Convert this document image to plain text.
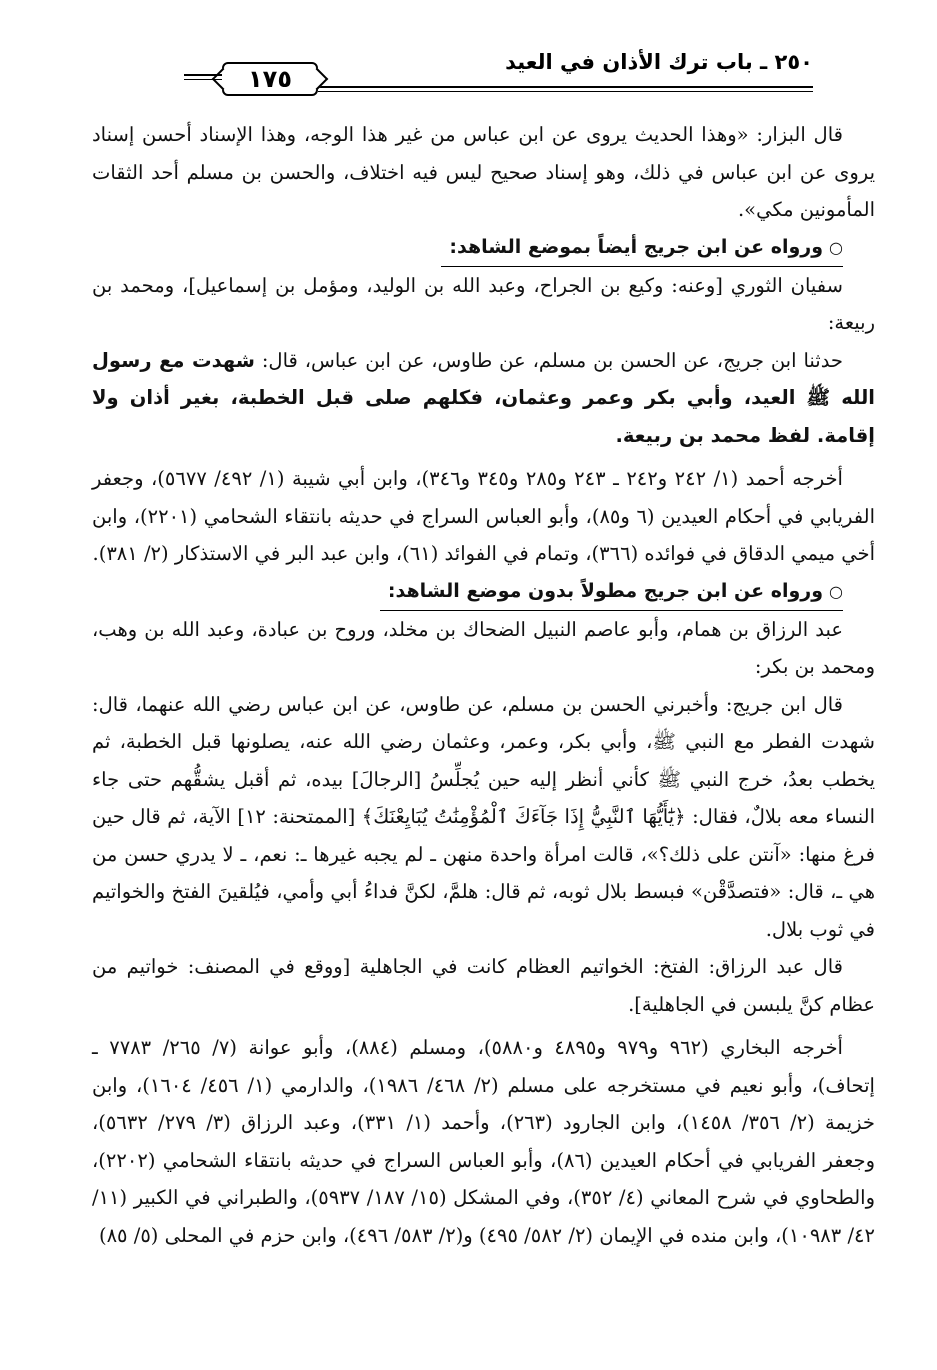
٢٥٠ ـ باب ترك الأذان في العيد
١٧٥

قال البزار: «وهذا الحديث يروى عن ابن عباس من غير هذا الوجه، وهذا الإسناد أحسن إسناد يروى عن ابن عباس في ذلك، وهو إسناد صحيح ليس فيه اختلاف، والحسن بن مسلم أحد الثقات المأمونين مكي».

○ورواه عن ابن جريج أيضاً بموضع الشاهد:

سفيان الثوري [وعنه: وكيع بن الجراح، وعبد الله بن الوليد، ومؤمل بن إسماعيل]، ومحمد بن ربيعة:

حدثنا ابن جريج، عن الحسن بن مسلم، عن طاوس، عن ابن عباس، قال: شهدت مع رسول الله ﷺ العيد، وأبي بكر وعمر وعثمان، فكلهم صلى قبل الخطبة، بغير أذان ولا إقامة. لفظ محمد بن ربيعة.

أخرجه أحمد (١/ ٢٤٢ و٢٤٢ ـ ٢٤٣ و٢٨٥ و٣٤٥ و٣٤٦)، وابن أبي شيبة (١/ ٤٩٢/ ٥٦٧٧)، وجعفر الفريابي في أحكام العيدين (٦ و٨٥)، وأبو العباس السراج في حديثه بانتقاء الشحامي (٢٢٠١)، وابن أخي ميمي الدقاق في فوائده (٣٦٦)، وتمام في الفوائد (٦١)، وابن عبد البر في الاستذكار (٢/ ٣٨١).

○ورواه عن ابن جريج مطولاً بدون موضع الشاهد:

عبد الرزاق بن همام، وأبو عاصم النبيل الضحاك بن مخلد، وروح بن عبادة، وعبد الله بن وهب، ومحمد بن بكر:

قال ابن جريج: وأخبرني الحسن بن مسلم، عن طاوس، عن ابن عباس رضي الله عنهما، قال: شهدت الفطر مع النبي ﷺ، وأبي بكر، وعمر، وعثمان رضي الله عنه، يصلونها قبل الخطبة، ثم يخطب بعدُ، خرج النبي ﷺ كأني أنظر إليه حين يُجلِّسُ [الرجالَ] بيده، ثم أقبل يشقُّهم حتى جاء النساء معه بلالٌ، فقال: ﴿يَٰٓأَيُّهَا ٱلنَّبِيُّ إِذَا جَآءَكَ ٱلْمُؤْمِنَٰتُ يُبَايِعْنَكَ﴾ [الممتحنة: ١٢] الآية، ثم قال حين فرغ منها: «آنتن على ذلك؟»، قالت امرأة واحدة منهن ـ لم يجبه غيرها ـ: نعم، ـ لا يدري حسن من هي ـ، قال: «فتصدَّقْن» فبسط بلال ثوبه، ثم قال: هلمَّ، لكنَّ فداءُ أبي وأمي، فيُلقينَ الفتخ والخواتيم في ثوب بلال.

قال عبد الرزاق: الفتخ: الخواتيم العظام كانت في الجاهلية [ووقع في المصنف: خواتيم من عظام كنَّ يلبسن في الجاهلية].

أخرجه البخاري (٩٦٢ و٩٧٩ و٤٨٩٥ و٥٨٨٠)، ومسلم (٨٨٤)، وأبو عوانة (٧/ ٢٦٥/ ٧٧٨٣ ـ إتحاف)، وأبو نعيم في مستخرجه على مسلم (٢/ ٤٦٨/ ١٩٨٦)، والدارمي (١/ ٤٥٦/ ١٦٠٤)، وابن خزيمة (٢/ ٣٥٦/ ١٤٥٨)، وابن الجارود (٢٦٣)، وأحمد (١/ ٣٣١)، وعبد الرزاق (٣/ ٢٧٩/ ٥٦٣٢)، وجعفر الفريابي في أحكام العيدين (٨٦)، وأبو العباس السراج في حديثه بانتقاء الشحامي (٢٢٠٢)، والطحاوي في شرح المعاني (٤/ ٣٥٢)، وفي المشكل (١٥/ ١٨٧/ ٥٩٣٧)، والطبراني في الكبير (١١/ ٤٢/ ١٠٩٨٣)، وابن منده في الإيمان (٢/ ٥٨٢/ ٤٩٥) و(٢/ ٥٨٣/ ٤٩٦)، وابن حزم في المحلى (٥/ ٨٥)
